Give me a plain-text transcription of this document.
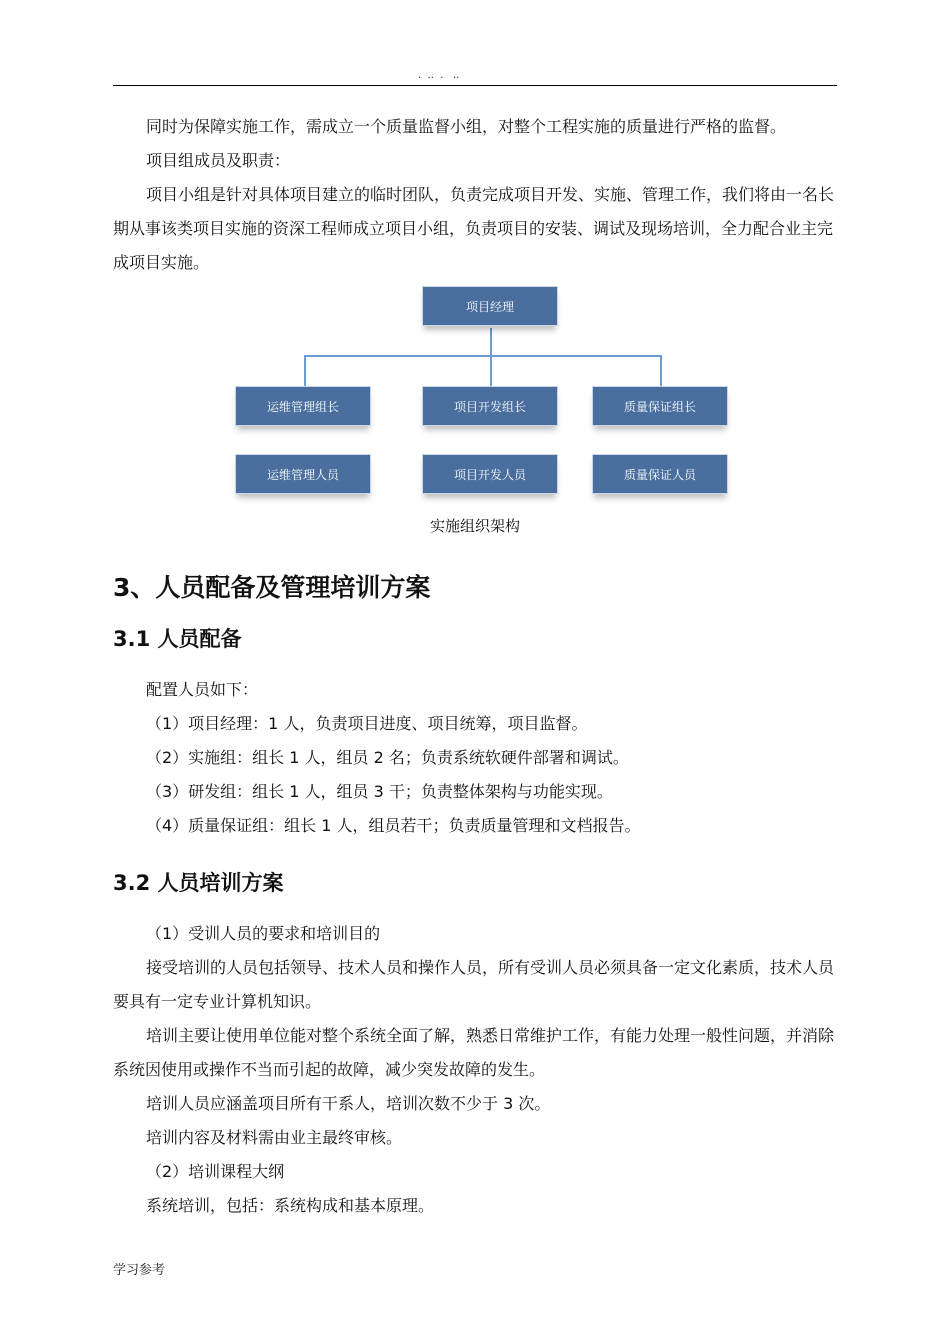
.  ..  .   ..

同时为保障实施工作，需成立一个质量监督小组，对整个工程实施的质量进行严格的监督。

项目组成员及职责：

项目小组是针对具体项目建立的临时团队，负责完成项目开发、实施、管理工作，我们将由一名长期从事该类项目实施的资深工程师成立项目小组，负责项目的安装、调试及现场培训，全力配合业主完成项目实施。

项目经理
运维管理组长	项目开发组长	质量保证组长
运维管理人员	项目开发人员	质量保证人员
实施组织架构
3、人员配备及管理培训方案
3.1 人员配备

配置人员如下：

（1）项目经理：1 人，负责项目进度、项目统筹，项目监督。

（2）实施组：组长 1 人，组员 2 名；负责系统软硬件部署和调试。

（3）研发组：组长 1 人，组员 3 干；负责整体架构与功能实现。

（4）质量保证组：组长 1 人，组员若干；负责质量管理和文档报告。

3.2 人员培训方案

（1）受训人员的要求和培训目的

接受培训的人员包括领导、技术人员和操作人员，所有受训人员必须具备一定文化素质，技术人员要具有一定专业计算机知识。

培训主要让使用单位能对整个系统全面了解，熟悉日常维护工作，有能力处理一般性问题，并消除系统因使用或操作不当而引起的故障，减少突发故障的发生。

培训人员应涵盖项目所有干系人，培训次数不少于 3 次。

培训内容及材料需由业主最终审核。

（2）培训课程大纲

系统培训，包括：系统构成和基本原理。

学习参考
